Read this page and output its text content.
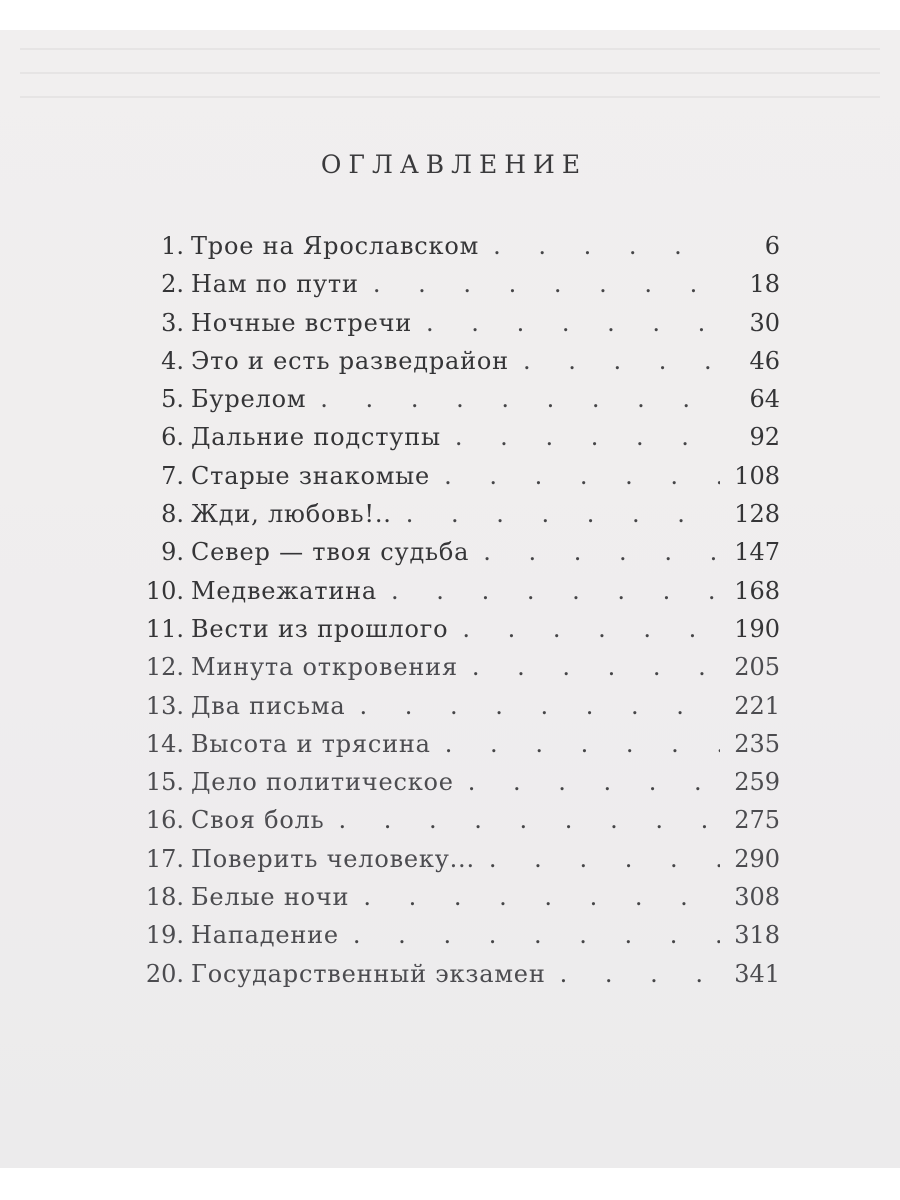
ОГЛАВЛЕНИЕ
1. Трое на Ярославском . . .	6
2. Нам по пути . . .	18
3. Ночные встречи . . .	30
4. Это и есть разведрайон . . .	46
5. Бурелом . . .	64
6. Дальние подступы . . .	92
7. Старые знакомые . . .	108
8. Жди, любовь!.. . . .	128
9. Север — твоя судьба . . .	147
10. Медвежатина . . .	168
11. Вести из прошлого . . .	190
12. Минута откровения . . .	205
13. Два письма . . .	221
14. Высота и трясина . . .	235
15. Дело политическое . . .	259
16. Своя боль . . .	275
17. Поверить человеку... . . .	290
18. Белые ночи . . .	308
19. Нападение . . .	318
20. Государственный экзамен . . .	341
